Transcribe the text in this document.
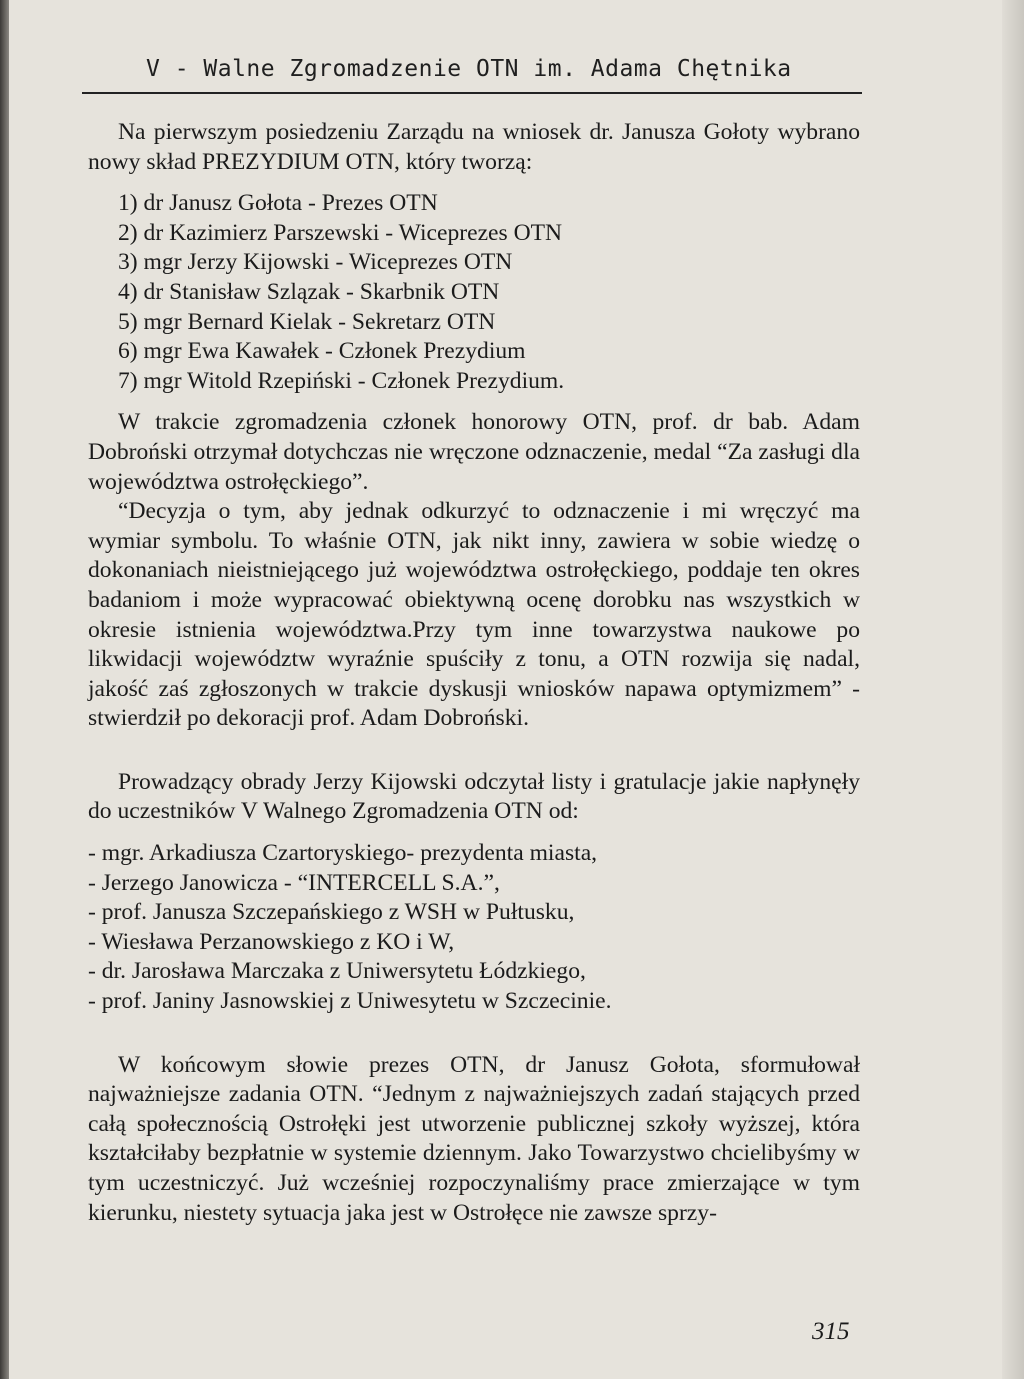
V - Walne Zgromadzenie OTN im. Adama Chętnika

Na pierwszym posiedzeniu Zarządu na wniosek dr. Janusza Gołoty wybrano nowy skład PREZYDIUM OTN, który tworzą:

1) dr Janusz Gołota - Prezes OTN
2) dr Kazimierz Parszewski - Wiceprezes OTN
3) mgr Jerzy Kijowski - Wiceprezes OTN
4) dr Stanisław Szlązak - Skarbnik OTN
5) mgr Bernard Kielak - Sekretarz OTN
6) mgr Ewa Kawałek - Członek Prezydium
7) mgr Witold Rzepiński - Członek Prezydium.

W trakcie zgromadzenia członek honorowy OTN, prof. dr bab. Adam Dobroński otrzymał dotychczas nie wręczone odznaczenie, medal “Za zasługi dla województwa ostrołęckiego”.

“Decyzja o tym, aby jednak odkurzyć to odznaczenie i mi wręczyć ma wymiar symbolu. To właśnie OTN, jak nikt inny, zawiera w sobie wiedzę o dokonaniach nieistniejącego już województwa ostrołęckiego, poddaje ten okres badaniom i może wypracować obiektywną ocenę dorobku nas wszystkich w okresie istnienia województwa.Przy tym inne towarzystwa naukowe po likwidacji województw wyraźnie spuściły z tonu, a OTN rozwija się nadal, jakość zaś zgłoszonych w trakcie dyskusji wniosków napawa optymizmem” - stwierdził po dekoracji prof. Adam Dobroński.

Prowadzący obrady Jerzy Kijowski odczytał listy i gratulacje jakie napłynęły do uczestników V Walnego Zgromadzenia OTN od:

- mgr. Arkadiusza Czartoryskiego- prezydenta miasta,
- Jerzego Janowicza - “INTERCELL S.A.”,
- prof. Janusza Szczepańskiego z WSH w Pułtusku,
- Wiesława Perzanowskiego z KO i W,
- dr. Jarosława Marczaka z Uniwersytetu Łódzkiego,
- prof. Janiny Jasnowskiej z Uniwesytetu w Szczecinie.

W końcowym słowie prezes OTN, dr Janusz Gołota, sformułował najważniejsze zadania OTN. “Jednym z najważniejszych zadań stających przed całą społecznością Ostrołęki jest utworzenie publicznej szkoły wyższej, która kształciłaby bezpłatnie w systemie dziennym. Jako Towarzystwo chcielibyśmy w tym uczestniczyć. Już wcześniej rozpoczynaliśmy prace zmierzające w tym kierunku, niestety sytuacja jaka jest w Ostrołęce nie zawsze sprzy-

315
